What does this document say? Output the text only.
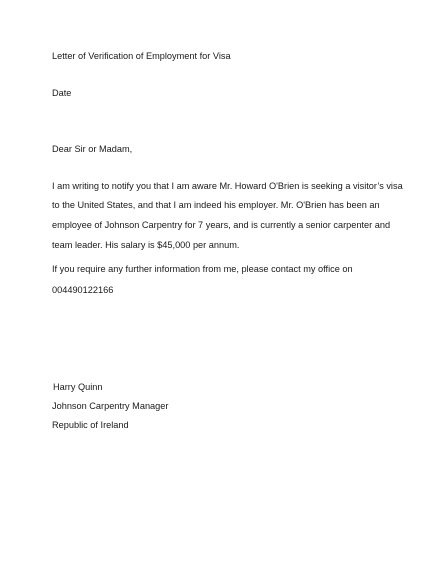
Letter of Verification of Employment for Visa
Date
Dear Sir or Madam,
I am writing to notify you that I am aware Mr. Howard O'Brien is seeking a visitor’s visa
to the United States, and that I am indeed his employer. Mr. O'Brien has been an
employee of Johnson Carpentry for 7 years, and is currently a senior carpenter and
team leader. His salary is $45,000 per annum.
If you require any further information from me, please contact my office on
004490122166
Harry Quinn
Johnson Carpentry Manager
Republic of Ireland
